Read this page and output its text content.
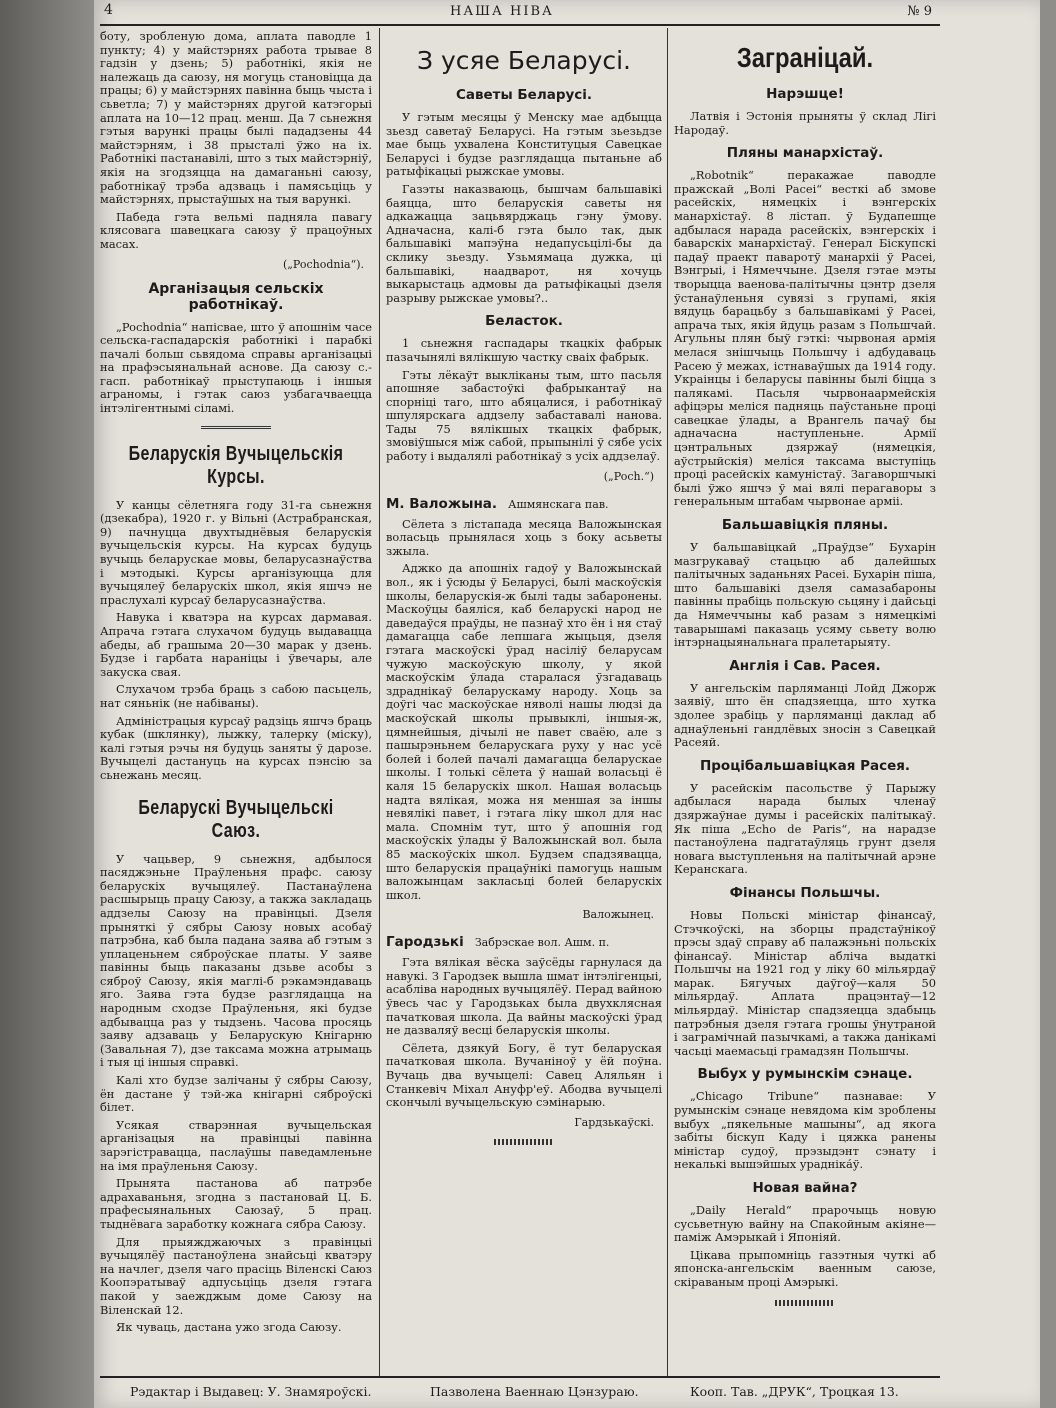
4	НАША НІВА	№ 9

боту, зробленую дома, аплата паводле 1 пункту; 4) у майстэрнях работа трывае 8 гадзін у дзень; 5) работнікі, якія не належаць да саюзу, ня могуць становіцца да працы; 6) у майстэрнях павінна быць чыста і сьветла; 7) у майстэрнях другой катэгорыі аплата на 10—12 прац. менш. Да 7 сьнежня гэтыя варункі працы былі пададзены 44 майстэрням, і 38 прысталі ўжо на іх. Работнікі пастанавілі, што з тых майстэрніў, якія на згодзяцца на дамаганьні саюзу, работнікаў трэба адзваць і памясьціць у майстэрнях, прыстаўшых на тыя варункі.

Пабеда гэта вельмі падняла павагу клясовага шавецкага саюзу ў працоўных масах.

(„Pochodnia“).
Арганізацыя сельскіх работнікаў.

„Pochodnia“ напісвае, што ў апошнім часе сельска-гаспадарскія работнікі і парабкі пачалі больш сьвядома справы арганізацыі на прафэсыянальнай аснове. Да саюзу с.-гасп. работнікаў прыступаюць і іншыя аграномы, і гэтак саюз узбагачваецца інтэлігентнымі сіламі.

Беларускія Вучыцельскія Курсы.

У канцы сёлетняга году 31-га сьнежня (дзекабра), 1920 г. у Вільні (Астрабранская, 9) пачнуцца двухтыднёвыя беларускія вучыцельскія курсы. На курсах будуць вучыць беларускае мовы, беларусазнаўства і мэтодыкі. Курсы арганізуюцца для вучыцялеў беларускіх школ, якія яшчэ не праслухалі курсаў беларусазнаўства.

Навука і кватэра на курсах дармавая. Апрача гэтага слухачом будуць выдавацца абеды, аб грашыма 20—30 марак у дзень. Будзе і гарбата нараніцы і ўвечары, але закуска свая.

Слухачом трэба браць з сабою пасьцель, нат сяньнік (не набіваны).

Адміністрацыя курсаў радзіць яшчэ браць кубак (шклянку), лыжку, талерку (міску), калі гэтыя рэчы ня будуць заняты ў дарозе. Вучыцелі дастануць на курсах пэнсію за сьнежань месяц.

Беларускі Вучыцельскі Саюз.

У чацьвер, 9 сьнежня, адбылося пасяджэньне Праўленьня прафс. саюзу беларускіх вучыцялеў. Пастанаўлена расшырыць працу Саюзу, а такжа закладаць аддзелы Саюзу на правінцыі. Дзеля прыняткі ў сябры Саюзу новых асобаў патрэбна, каб была падана заява аб гэтым з уплаценьнем сяброўскае платы. У заяве павінны быць паказаны дзьве асобы з сяброў Саюзу, якія маглі-б рэкамэндаваць яго. Заява гэта будзе разглядацца на народным сходзе Праўленьня, які будзе адбывацца раз у тыдзень. Часова просяць заяву адзаваць у Беларускую Кнігарню (Завальная 7), дзе таксама можна атрымаць і тыя ці іншыя справкі.

Калі хто будзе залічаны ў сябры Саюзу, ён дастане ў тэй-жа кнігарні сяброўскі білет.

Усякая стварэнная вучыцельская арганізацыя на правінцыі павінна зарэгістравацца, паслаўшы паведамленьне на імя праўленьня Саюзу.

Прынята пастанова аб патрэбе адрахаваньня, згодна з пастановай Ц. Б. прафесыянальных Саюзаў, 5 прац. тыднёвага заработку кожнага сябра Саюзу.

Для прыяжджаючых з правінцыі вучыцялёў пастаноўлена знайсьці кватэру на начлег, дзеля чаго прасіць Віленскі Саюз Коопэратываў адпусьціць дзеля гэтага пакой у заежджым доме Саюзу на Віленскай 12.

Як чуваць, дастана ужо згода Саюзу.

З усяе Беларусі.
Саветы Беларусі.

У гэтым месяцы ў Менску мае адбыцца зьезд саветаў Беларусі. На гэтым зьезьдзе мае быць ухвалена Конституцыя Савецкае Беларусі і будзе разглядацца пытаньне аб ратыфікацыі рыжскае умовы.

Газэты наказваюць, бышчам бальшавікі баяцца, што беларускія саветы ня адкажацца зацьвярджаць гэну ўмову. Адначасна, калі-б гэта было так, дык бальшавікі мапэўна недапусьцілі-бы да склику зьезду. Узьмямаца дужка, ці бальшавікі, наадварот, ня хочуць выкарыстаць адмовы да ратыфікацыі дзеля разрыву рыжскае умовы?..

Беласток.

1 сьнежня гаспадары ткацкіх фабрык пазачынялі вялікшую частку сваіх фабрык.

Гэты лёкаўт выкліканы тым, што пасьля апошняе забастоўкі фабрыкантаў на спорніці таго, што абяцалися, і работнікаў шпулярскага аддзелу забаставалі нанова. Тады 75 вялікшых ткацкіх фабрык, змовіўшыся між сабой, прыпынілі ў сябе усіх работу і выдалялі работнікаў з усіх аддзелаў.

(„Poch.“)
М. Валожына. Ашмянскага пав.

Сёлета з лістапада месяца Валожынская воласьць прынялася хоць з боку асьветы зжыла.

Аджко да апошніх гадоў у Валожынскай вол., як і ўсюды ў Беларусі, былі маскоўскія школы, беларускія-ж былі тады забаронены. Маскоўцы баяліся, каб беларускі народ не даведаўся праўды, не пазнаў хто ён і ня стаў дамагацца сабе лепшага жыцьця, дзеля гэтага маскоўскі ўрад насіліў беларусам чужую маскоўскую школу, у якой маскоўскім ўлада старалася ўзгадаваць здраднікаў беларускаму народу. Хоць за доўгі час маскоўскае няволі нашы людзі да маскоўскай школы прывыклі, іншыя-ж, цямнейшыя, дічылі не павет сваёю, але з пашырэньнем беларускага руху у нас усё болей і болей пачалі дамагацца беларускае школы. І толькі сёлета ў нашай воласьці ё каля 15 беларускіх школ. Нашая воласьць надта вялікая, можа ня меншая за іншы невялікі павет, і гэтага ліку школ для нас мала. Спомнім тут, што ў апошнія год маскоўскіх ўлады ў Валожынскай вол. была 85 маскоўскіх школ. Будзем спадзявацца, што беларускія працаўнікі памогуць нашым валожынцам закласьці болей беларускіх школ.

Валожынец.
Гародзькі Забрэскае вол. Ашм. п.

Гэта вялікая вёска заўсёды гарнулася да навукі. З Гародзек вышла шмат інтэлігенцыі, асабліва народных вучыцялёў. Перад вайною ўвесь час у Гародзьках была двухклясная пачатковая школа. Да вайны маскоўскі ўрад не дазваляў весці беларускія школы.

Сёлета, дзякуй Богу, ё тут беларуская пачатковая школа. Вучаніноў у ёй поўна. Вучаць два вучыцелі: Савец Аляльян і Станкевіч Міхал Ануфр'еў. Абодва вучыцелі скончылі вучыцельскую сэмінарыю.

Гардзькаўскі.
Заграніцай.
Нарэшце!

Латвія і Эстонія прыняты ў склад Лігі Народаў.

Пляны манархістаў.

„Robotnik“ перакажае паводле пражскай „Волі Расеі“ весткі аб змове расейскіх, нямецкіх і вэнгерскіх манархістаў. 8 лістап. ў Будапешце адбылася нарада расейскіх, вэнгерскіх і баварскіх манархістаў. Генерал Біскупскі падаў праект паваротў манархіі ў Расеі, Вэнгрыі, і Нямеччыне. Дзеля гэтае мэты творыцца ваенова-палітычны цэнтр дзеля ўстанаўленьня сувязі з групамі, якія вядуць барацьбу з бальшавікамі ў Расеі, апрача тых, якія йдуць разам з Польшчай. Агульны плян быў гэткі: чырвоная армія мелася знішчыць Польшчу і адбудаваць Расею ў межах, істнаваўшых да 1914 году. Украінцы і беларусы павінны былі біцца з палякамі. Пасьля чырвонаармейскія афіцэры меліся падняць паўстаньне проці савецкае ўлады, а Врангель пачаў бы адначасна наступленьне. Армії цэнтральных дзяржаў (нямецкія, аўстрыйскія) меліся таксама выступіць проці расейскіх камуністаў. Загаворшчыкі былі ўжо яшчэ ў маі вялі перагаворы з генеральным штабам чырвонае арміі.

Бальшавіцкія пляны.

У бальшавіцкай „Праўдзе“ Бухарін мазгрукаваў стацьцю аб далейшых палітычных заданьнях Расеі. Бухарін піша, што бальшавікі дзеля самазабароны павінны прабіць польскую сьцяну і дайсьці да Нямеччыны каб разам з нямецкімі таварышамі паказаць усяму сьвету волю інтэрнацыянальнага пралетарыяту.

Англія і Сав. Расея.

У ангельскім парляманцi Лойд Джорж заявіў, што ён спадзяецца, што хутка здолее зрабіць у парляманці даклад аб аднаўленьні гандлёвых зносін з Савецкай Расеяй.

Процібальшавіцкая Расея.

У расейскім пасольстве ў Парыжу адбылася нарада былых членаў дзяржаўнае думы і расейскіх палітыкаў. Як піша „Echo de Paris“, на нарадзе пастаноўлена падгатаўляць грунт дзеля новага выступленьня на палітычнай арэне Керанскага.

Фінансы Польшчы.

Новы Польскі міністар фінансаў, Стэчкоўскі, на зборцы прадстаўнікоў прэсы здаў справу аб палажэньні польскіх фінансаў. Міністар абліча выдаткі Польшчы на 1921 год у ліку 60 мільярдаў марак. Бягучых даўгоў—каля 50 мільярдаў. Аплата працэнтаў—12 мільярдаў. Міністар спадзяецца здабыць патрэбныя дзеля гэтага грошы ўнутраной і заграмічнай пазычкамі, а такжа данікамі часьці маемасьці грамадзян Польшчы.

Выбух у румынскім сэнаце.

„Chicago Tribune“ пазнавае: У румынскім сэнаце невядома кім зроблены выбух „пякельные машыны“, ад якога забіты біскуп Каду і цяжка ранены міністар судоў, прэзыдэнт сэнату і некалькі вышэйшых урадніка́ў.

Новая вайна?

„Daily Herald“ прарочыць новую сусьветную вайну на Спакойным акіяне—паміж Амэрыкай і Японіяй.

Цікава прыпомніць газэтныя чуткі аб японска-ангельскім ваенным саюзе, скіраваным проці Амэрыкі.

Рэдактар і Выдавец: У. Знамяроўскі.	Пазволена Ваеннаю Цэнзураю.	Кооп. Тав. „ДРУК“, Троцкая 13.
